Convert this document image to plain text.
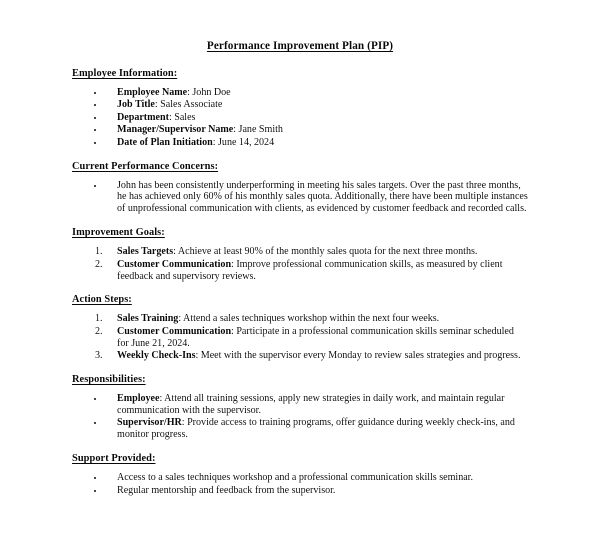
Performance Improvement Plan (PIP)
Employee Information:
• Employee Name: John Doe
• Job Title: Sales Associate
• Department: Sales
• Manager/Supervisor Name: Jane Smith
• Date of Plan Initiation: June 14, 2024
Current Performance Concerns:
• John has been consistently underperforming in meeting his sales targets. Over the past three months, he has achieved only 60% of his monthly sales quota. Additionally, there have been multiple instances of unprofessional communication with clients, as evidenced by customer feedback and recorded calls.
Improvement Goals:
1. Sales Targets: Achieve at least 90% of the monthly sales quota for the next three months.
2. Customer Communication: Improve professional communication skills, as measured by client feedback and supervisory reviews.
Action Steps:
1. Sales Training: Attend a sales techniques workshop within the next four weeks.
2. Customer Communication: Participate in a professional communication skills seminar scheduled for June 21, 2024.
3. Weekly Check-Ins: Meet with the supervisor every Monday to review sales strategies and progress.
Responsibilities:
• Employee: Attend all training sessions, apply new strategies in daily work, and maintain regular communication with the supervisor.
• Supervisor/HR: Provide access to training programs, offer guidance during weekly check-ins, and monitor progress.
Support Provided:
• Access to a sales techniques workshop and a professional communication skills seminar.
• Regular mentorship and feedback from the supervisor.
